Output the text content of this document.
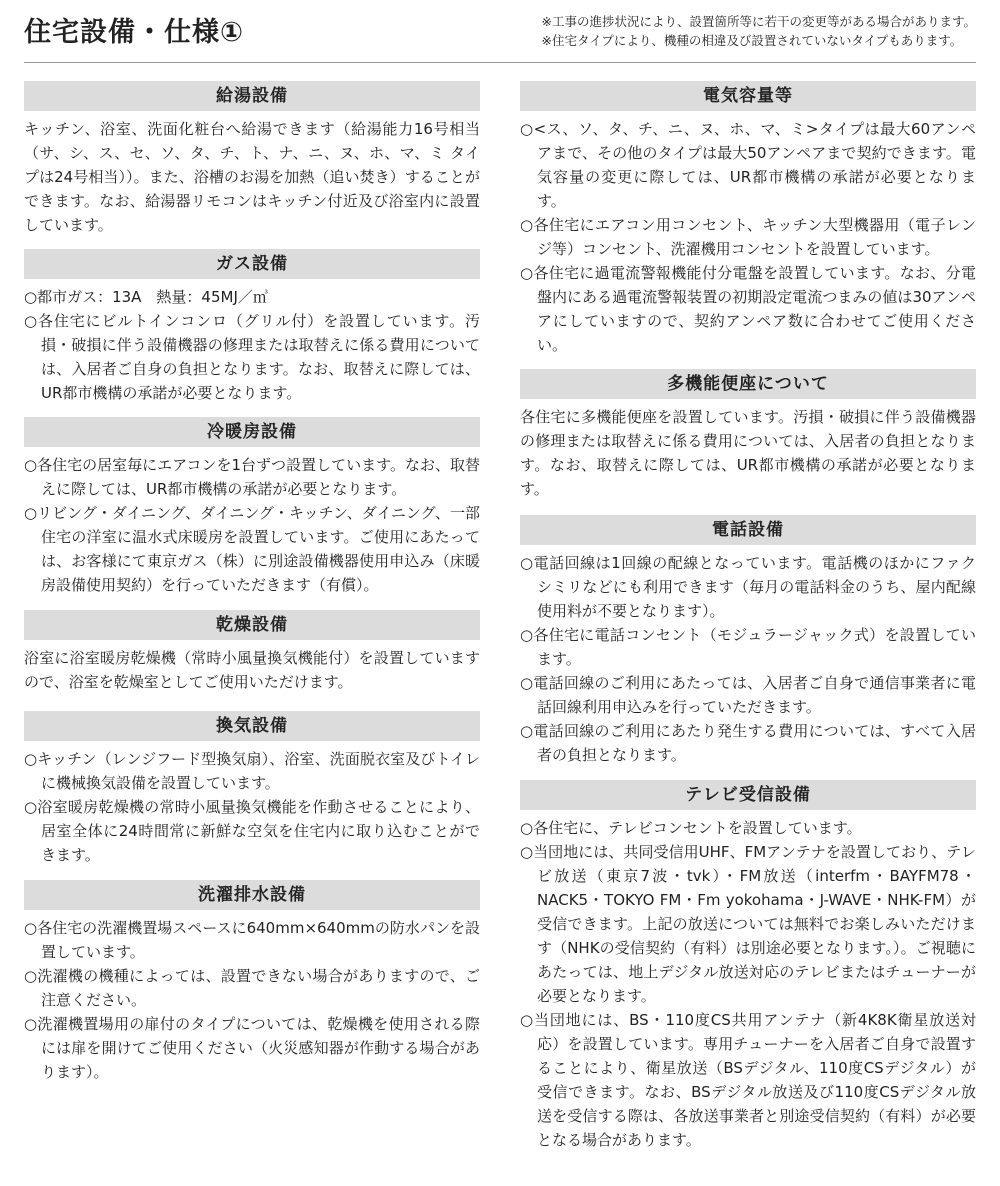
住宅設備・仕様①	※工事の進捗状況により、設置箇所等に若干の変更等がある場合があります。
※住宅タイプにより、機種の相違及び設置されていないタイプもあります。
給湯設備

キッチン、浴室、洗面化粧台へ給湯できます（給湯能力16号相当（サ、シ、ス、セ、ソ、タ、チ、ト、ナ、ニ、ヌ、ホ、マ、ミ タイプは24号相当））。また、浴槽のお湯を加熱（追い焚き）することができます。なお、給湯器リモコンはキッチン付近及び浴室内に設置しています。

ガス設備

○都市ガス：13A　熱量：45MJ／㎥

○各住宅にビルトインコンロ（グリル付）を設置しています。汚損・破損に伴う設備機器の修理または取替えに係る費用については、入居者ご自身の負担となります。なお、取替えに際しては、UR都市機構の承諾が必要となります。

冷暖房設備

○各住宅の居室毎にエアコンを1台ずつ設置しています。なお、取替えに際しては、UR都市機構の承諾が必要となります。

○リビング・ダイニング、ダイニング・キッチン、ダイニング、一部住宅の洋室に温水式床暖房を設置しています。ご使用にあたっては、お客様にて東京ガス（株）に別途設備機器使用申込み（床暖房設備使用契約）を行っていただきます（有償）。

乾燥設備

浴室に浴室暖房乾燥機（常時小風量換気機能付）を設置していますので、浴室を乾燥室としてご使用いただけます。

換気設備

○キッチン（レンジフード型換気扇）、浴室、洗面脱衣室及びトイレに機械換気設備を設置しています。

○浴室暖房乾燥機の常時小風量換気機能を作動させることにより、居室全体に24時間常に新鮮な空気を住宅内に取り込むことができます。

洗濯排水設備

○各住宅の洗濯機置場スペースに640mm×640mmの防水パンを設置しています。

○洗濯機の機種によっては、設置できない場合がありますので、ご注意ください。

○洗濯機置場用の扉付のタイプについては、乾燥機を使用される際には扉を開けてご使用ください（火災感知器が作動する場合があります）。

電気容量等

○<ス、ソ、タ、チ、ニ、ヌ、ホ、マ、ミ>タイプは最大60アンペアまで、その他のタイプは最大50アンペアまで契約できます。電気容量の変更に際しては、UR都市機構の承諾が必要となります。

○各住宅にエアコン用コンセント、キッチン大型機器用（電子レンジ等）コンセント、洗濯機用コンセントを設置しています。

○各住宅に過電流警報機能付分電盤を設置しています。なお、分電盤内にある過電流警報装置の初期設定電流つまみの値は30アンペアにしていますので、契約アンペア数に合わせてご使用ください。

多機能便座について

各住宅に多機能便座を設置しています。汚損・破損に伴う設備機器の修理または取替えに係る費用については、入居者の負担となります。なお、取替えに際しては、UR都市機構の承諾が必要となります。

電話設備

○電話回線は1回線の配線となっています。電話機のほかにファクシミリなどにも利用できます（毎月の電話料金のうち、屋内配線使用料が不要となります）。

○各住宅に電話コンセント（モジュラージャック式）を設置しています。

○電話回線のご利用にあたっては、入居者ご自身で通信事業者に電話回線利用申込みを行っていただきます。

○電話回線のご利用にあたり発生する費用については、すべて入居者の負担となります。

テレビ受信設備

○各住宅に、テレビコンセントを設置しています。

○当団地には、共同受信用UHF、FMアンテナを設置しており、テレビ放送（東京7波・tvk）・FM放送（interfm・BAYFM78・NACK5・TOKYO FM・Fm yokohama・J-WAVE・NHK-FM）が受信できます。上記の放送については無料でお楽しみいただけます（NHKの受信契約（有料）は別途必要となります。）。ご視聴にあたっては、地上デジタル放送対応のテレビまたはチューナーが必要となります。

○当団地には、BS・110度CS共用アンテナ（新4K8K衛星放送対応）を設置しています。専用チューナーを入居者ご自身で設置することにより、衛星放送（BSデジタル、110度CSデジタル）が受信できます。なお、BSデジタル放送及び110度CSデジタル放送を受信する際は、各放送事業者と別途受信契約（有料）が必要となる場合があります。
